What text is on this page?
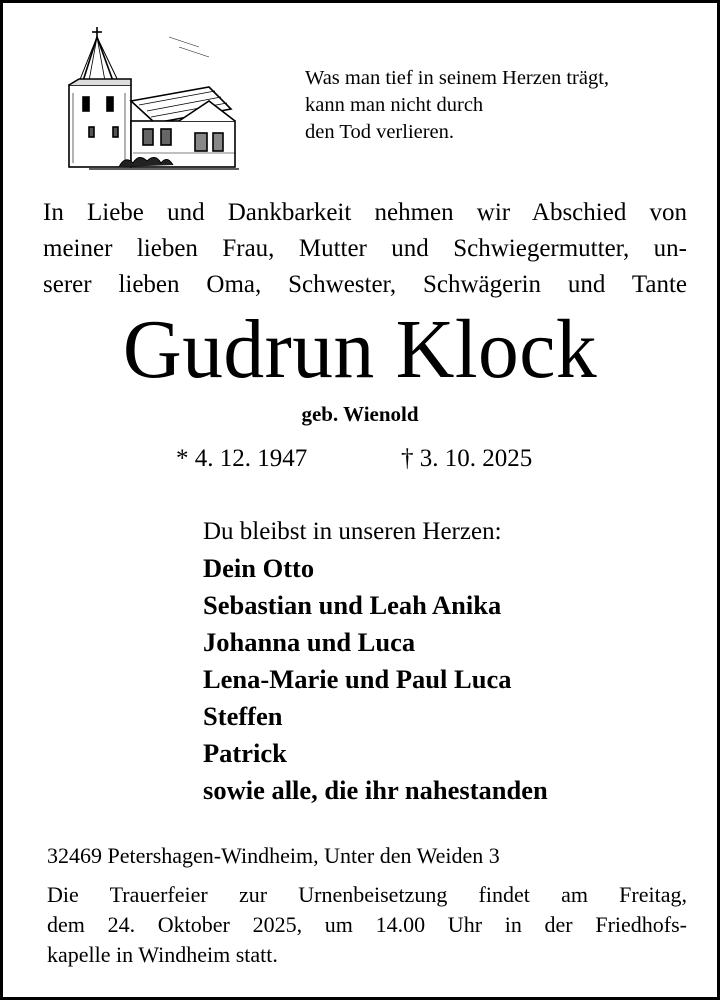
Was man tief in seinem Herzen trägt,
kann man nicht durch
den Tod verlieren.
In Liebe und Dankbarkeit nehmen wir Abschied von
meiner lieben Frau, Mutter und Schwiegermutter, un-
serer lieben Oma, Schwester, Schwägerin und Tante
Gudrun Klock
geb. Wienold
* 4. 12. 1947	† 3. 10. 2025
Du bleibst in unseren Herzen:
Dein Otto
Sebastian und Leah Anika
Johanna und Luca
Lena-Marie und Paul Luca
Steffen
Patrick
sowie alle, die ihr nahestanden
32469 Petershagen-Windheim, Unter den Weiden 3
Die Trauerfeier zur Urnenbeisetzung findet am Freitag,
dem 24. Oktober 2025, um 14.00 Uhr in der Friedhofs-
kapelle in Windheim statt.
